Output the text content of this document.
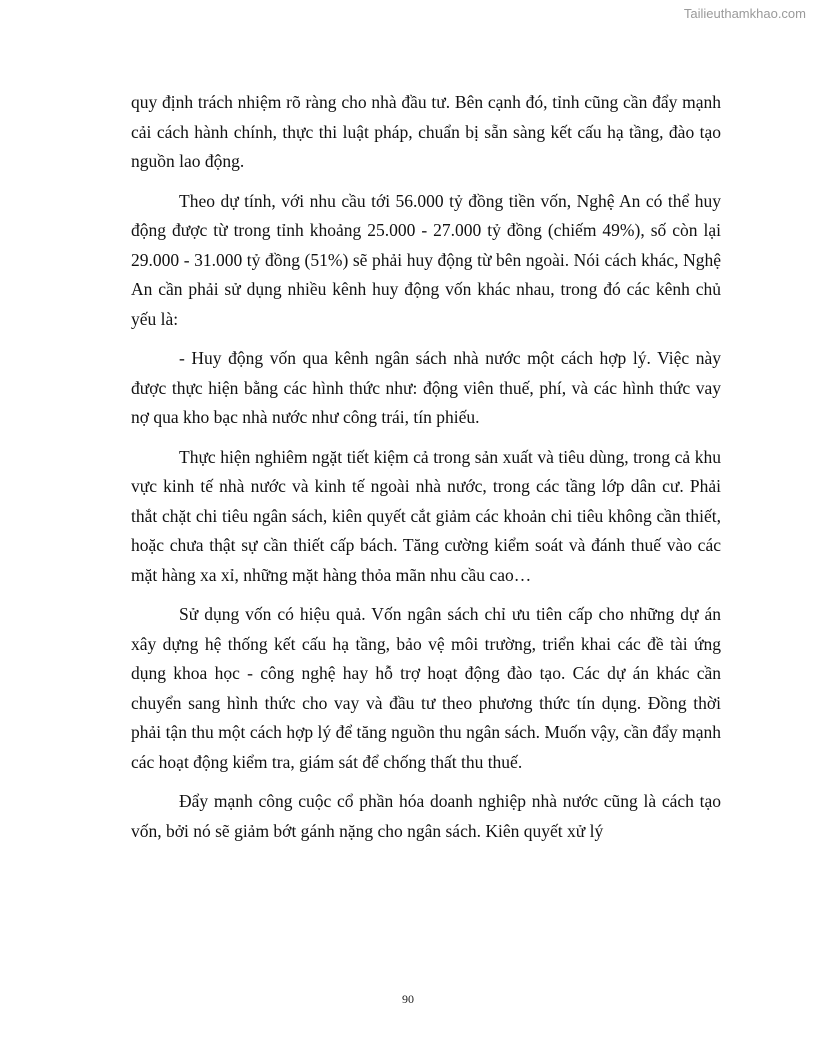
Tailieuthamkhao.com

quy định trách nhiệm rõ ràng cho nhà đầu tư. Bên cạnh đó, tỉnh cũng cần đẩy mạnh cải cách hành chính, thực thi luật pháp, chuẩn bị sẵn sàng kết cấu hạ tầng, đào tạo nguồn lao động.

Theo dự tính, với nhu cầu tới 56.000 tỷ đồng tiền vốn, Nghệ An có thể huy động được từ trong tỉnh khoảng 25.000 - 27.000 tỷ đồng (chiếm 49%), số còn lại 29.000 - 31.000 tỷ đồng (51%) sẽ phải huy động từ bên ngoài. Nói cách khác, Nghệ An cần phải sử dụng nhiều kênh huy động vốn khác nhau, trong đó các kênh chủ yếu là:

- Huy động vốn qua kênh ngân sách nhà nước một cách hợp lý. Việc này được thực hiện bằng các hình thức như: động viên thuế, phí, và các hình thức vay nợ qua kho bạc nhà nước như công trái, tín phiếu.

Thực hiện nghiêm ngặt tiết kiệm cả trong sản xuất và tiêu dùng, trong cả khu vực kinh tế nhà nước và kinh tế ngoài nhà nước, trong các tầng lớp dân cư. Phải thắt chặt chi tiêu ngân sách, kiên quyết cắt giảm các khoản chi tiêu không cần thiết, hoặc chưa thật sự cần thiết cấp bách. Tăng cường kiểm soát và đánh thuế vào các mặt hàng xa xỉ, những mặt hàng thỏa mãn nhu cầu cao…

Sử dụng vốn có hiệu quả. Vốn ngân sách chỉ ưu tiên cấp cho những dự án xây dựng hệ thống kết cấu hạ tầng, bảo vệ môi trường, triển khai các đề tài ứng dụng khoa học - công nghệ hay hỗ trợ hoạt động đào tạo. Các dự án khác cần chuyển sang hình thức cho vay và đầu tư theo phương thức tín dụng. Đồng thời phải tận thu một cách hợp lý để tăng nguồn thu ngân sách. Muốn vậy, cần đẩy mạnh các hoạt động kiểm tra, giám sát để chống thất thu thuế.

Đẩy mạnh công cuộc cổ phần hóa doanh nghiệp nhà nước cũng là cách tạo vốn, bởi nó sẽ giảm bớt gánh nặng cho ngân sách. Kiên quyết xử lý

90
